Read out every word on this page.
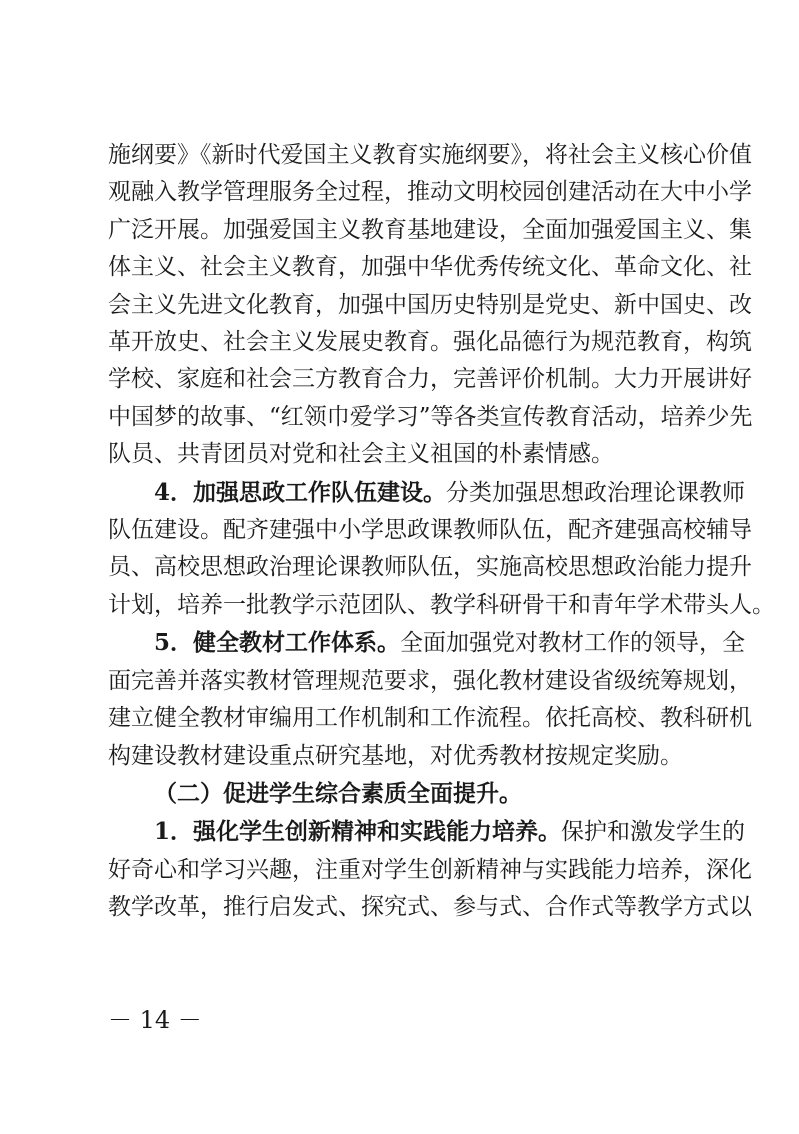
施纲要》《新时代爱国主义教育实施纲要》，将社会主义核心价值
观融入教学管理服务全过程，推动文明校园创建活动在大中小学
广泛开展。加强爱国主义教育基地建设，全面加强爱国主义、集
体主义、社会主义教育，加强中华优秀传统文化、革命文化、社
会主义先进文化教育，加强中国历史特别是党史、新中国史、改
革开放史、社会主义发展史教育。强化品德行为规范教育，构筑
学校、家庭和社会三方教育合力，完善评价机制。大力开展讲好
中国梦的故事、“红领巾爱学习”等各类宣传教育活动，培养少先
队员、共青团员对党和社会主义祖国的朴素情感。
4．加强思政工作队伍建设。分类加强思想政治理论课教师
队伍建设。配齐建强中小学思政课教师队伍，配齐建强高校辅导
员、高校思想政治理论课教师队伍，实施高校思想政治能力提升
计划，培养一批教学示范团队、教学科研骨干和青年学术带头人。
5．健全教材工作体系。全面加强党对教材工作的领导，全
面完善并落实教材管理规范要求，强化教材建设省级统筹规划，
建立健全教材审编用工作机制和工作流程。依托高校、教科研机
构建设教材建设重点研究基地，对优秀教材按规定奖励。
（二）促进学生综合素质全面提升。
1．强化学生创新精神和实践能力培养。保护和激发学生的
好奇心和学习兴趣，注重对学生创新精神与实践能力培养，深化
教学改革，推行启发式、探究式、参与式、合作式等教学方式以
－ 14 －
